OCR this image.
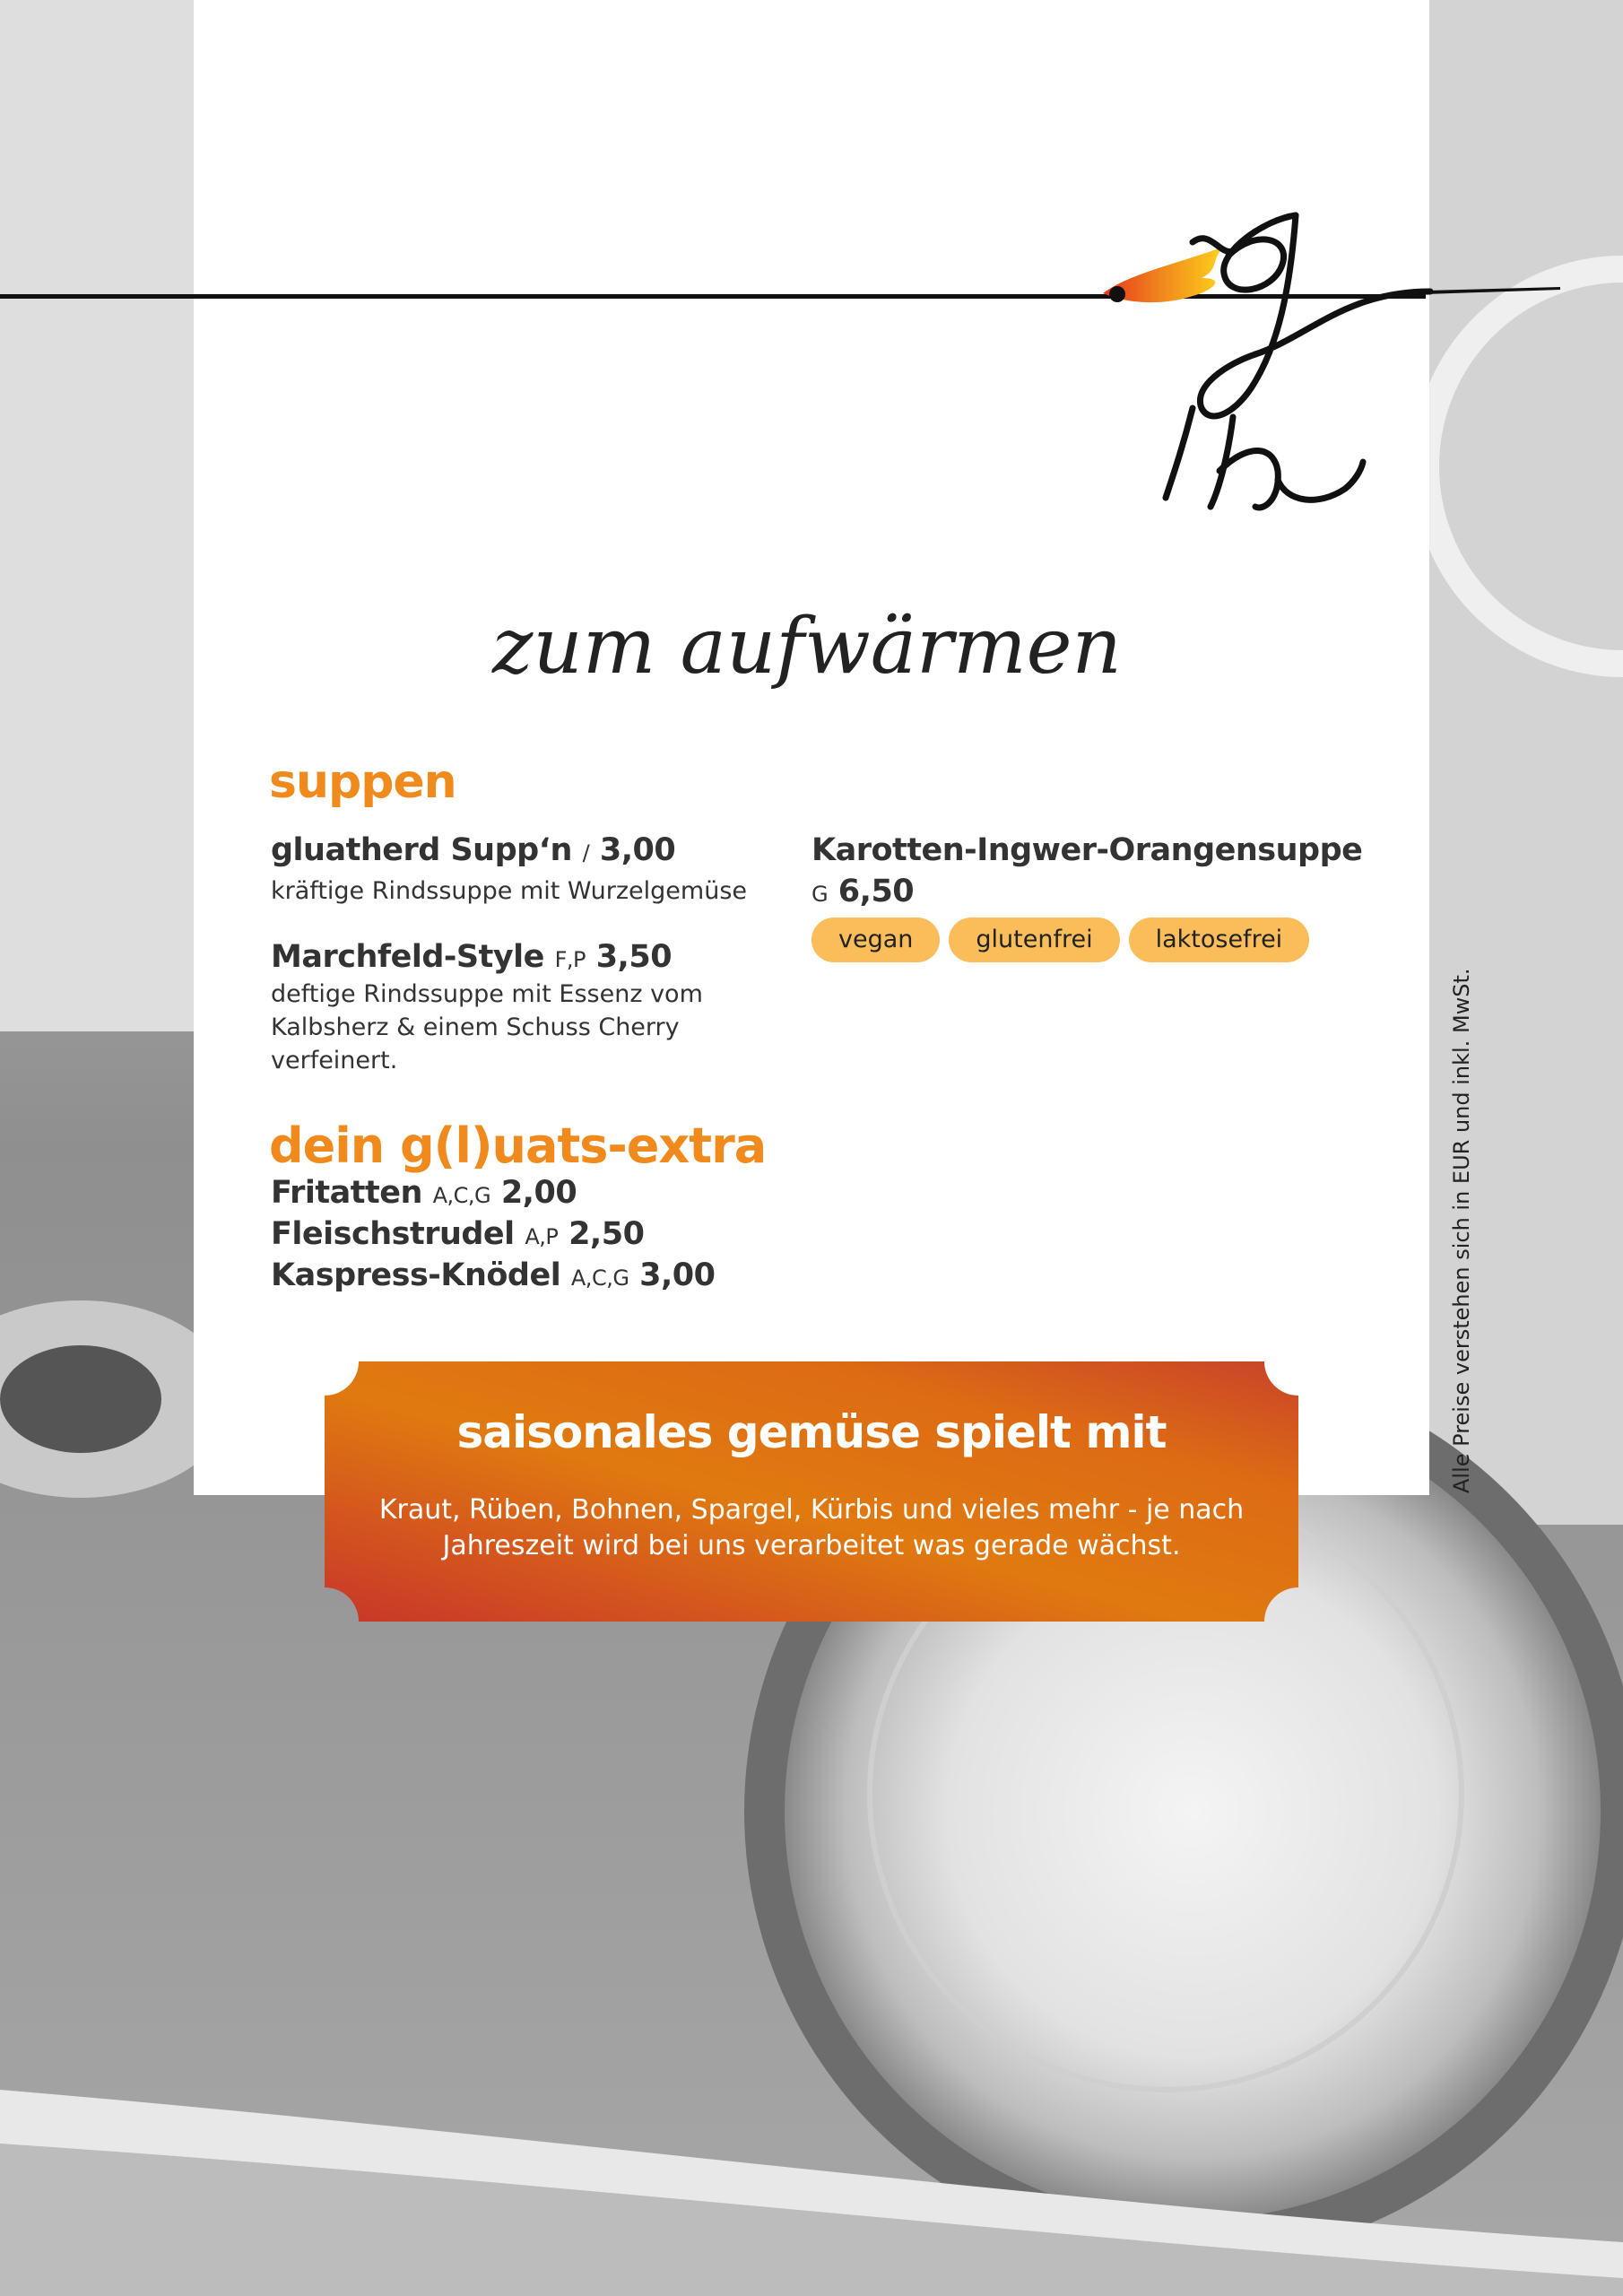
zum aufwärmen
suppen
gluatherd Supp‘n / 3,00
kräftige Rindssuppe mit Wurzelgemüse
Marchfeld-Style F,P 3,50
deftige Rindssuppe mit Essenz vom Kalbsherz & einem Schuss Cherry verfeinert.
Karotten-Ingwer-Orangensuppe
G 6,50
vegan	glutenfrei	laktosefrei
dein g(l)uats-extra
Fritatten A,C,G 2,00
Fleischstrudel A,P 2,50
Kaspress-Knödel A,C,G 3,00
saisonales gemüse spielt mit
Kraut, Rüben, Bohnen, Spargel, Kürbis und vieles mehr - je nach Jahreszeit wird bei uns verarbeitet was gerade wächst.
Alle Preise verstehen sich in EUR und inkl. MwSt.
